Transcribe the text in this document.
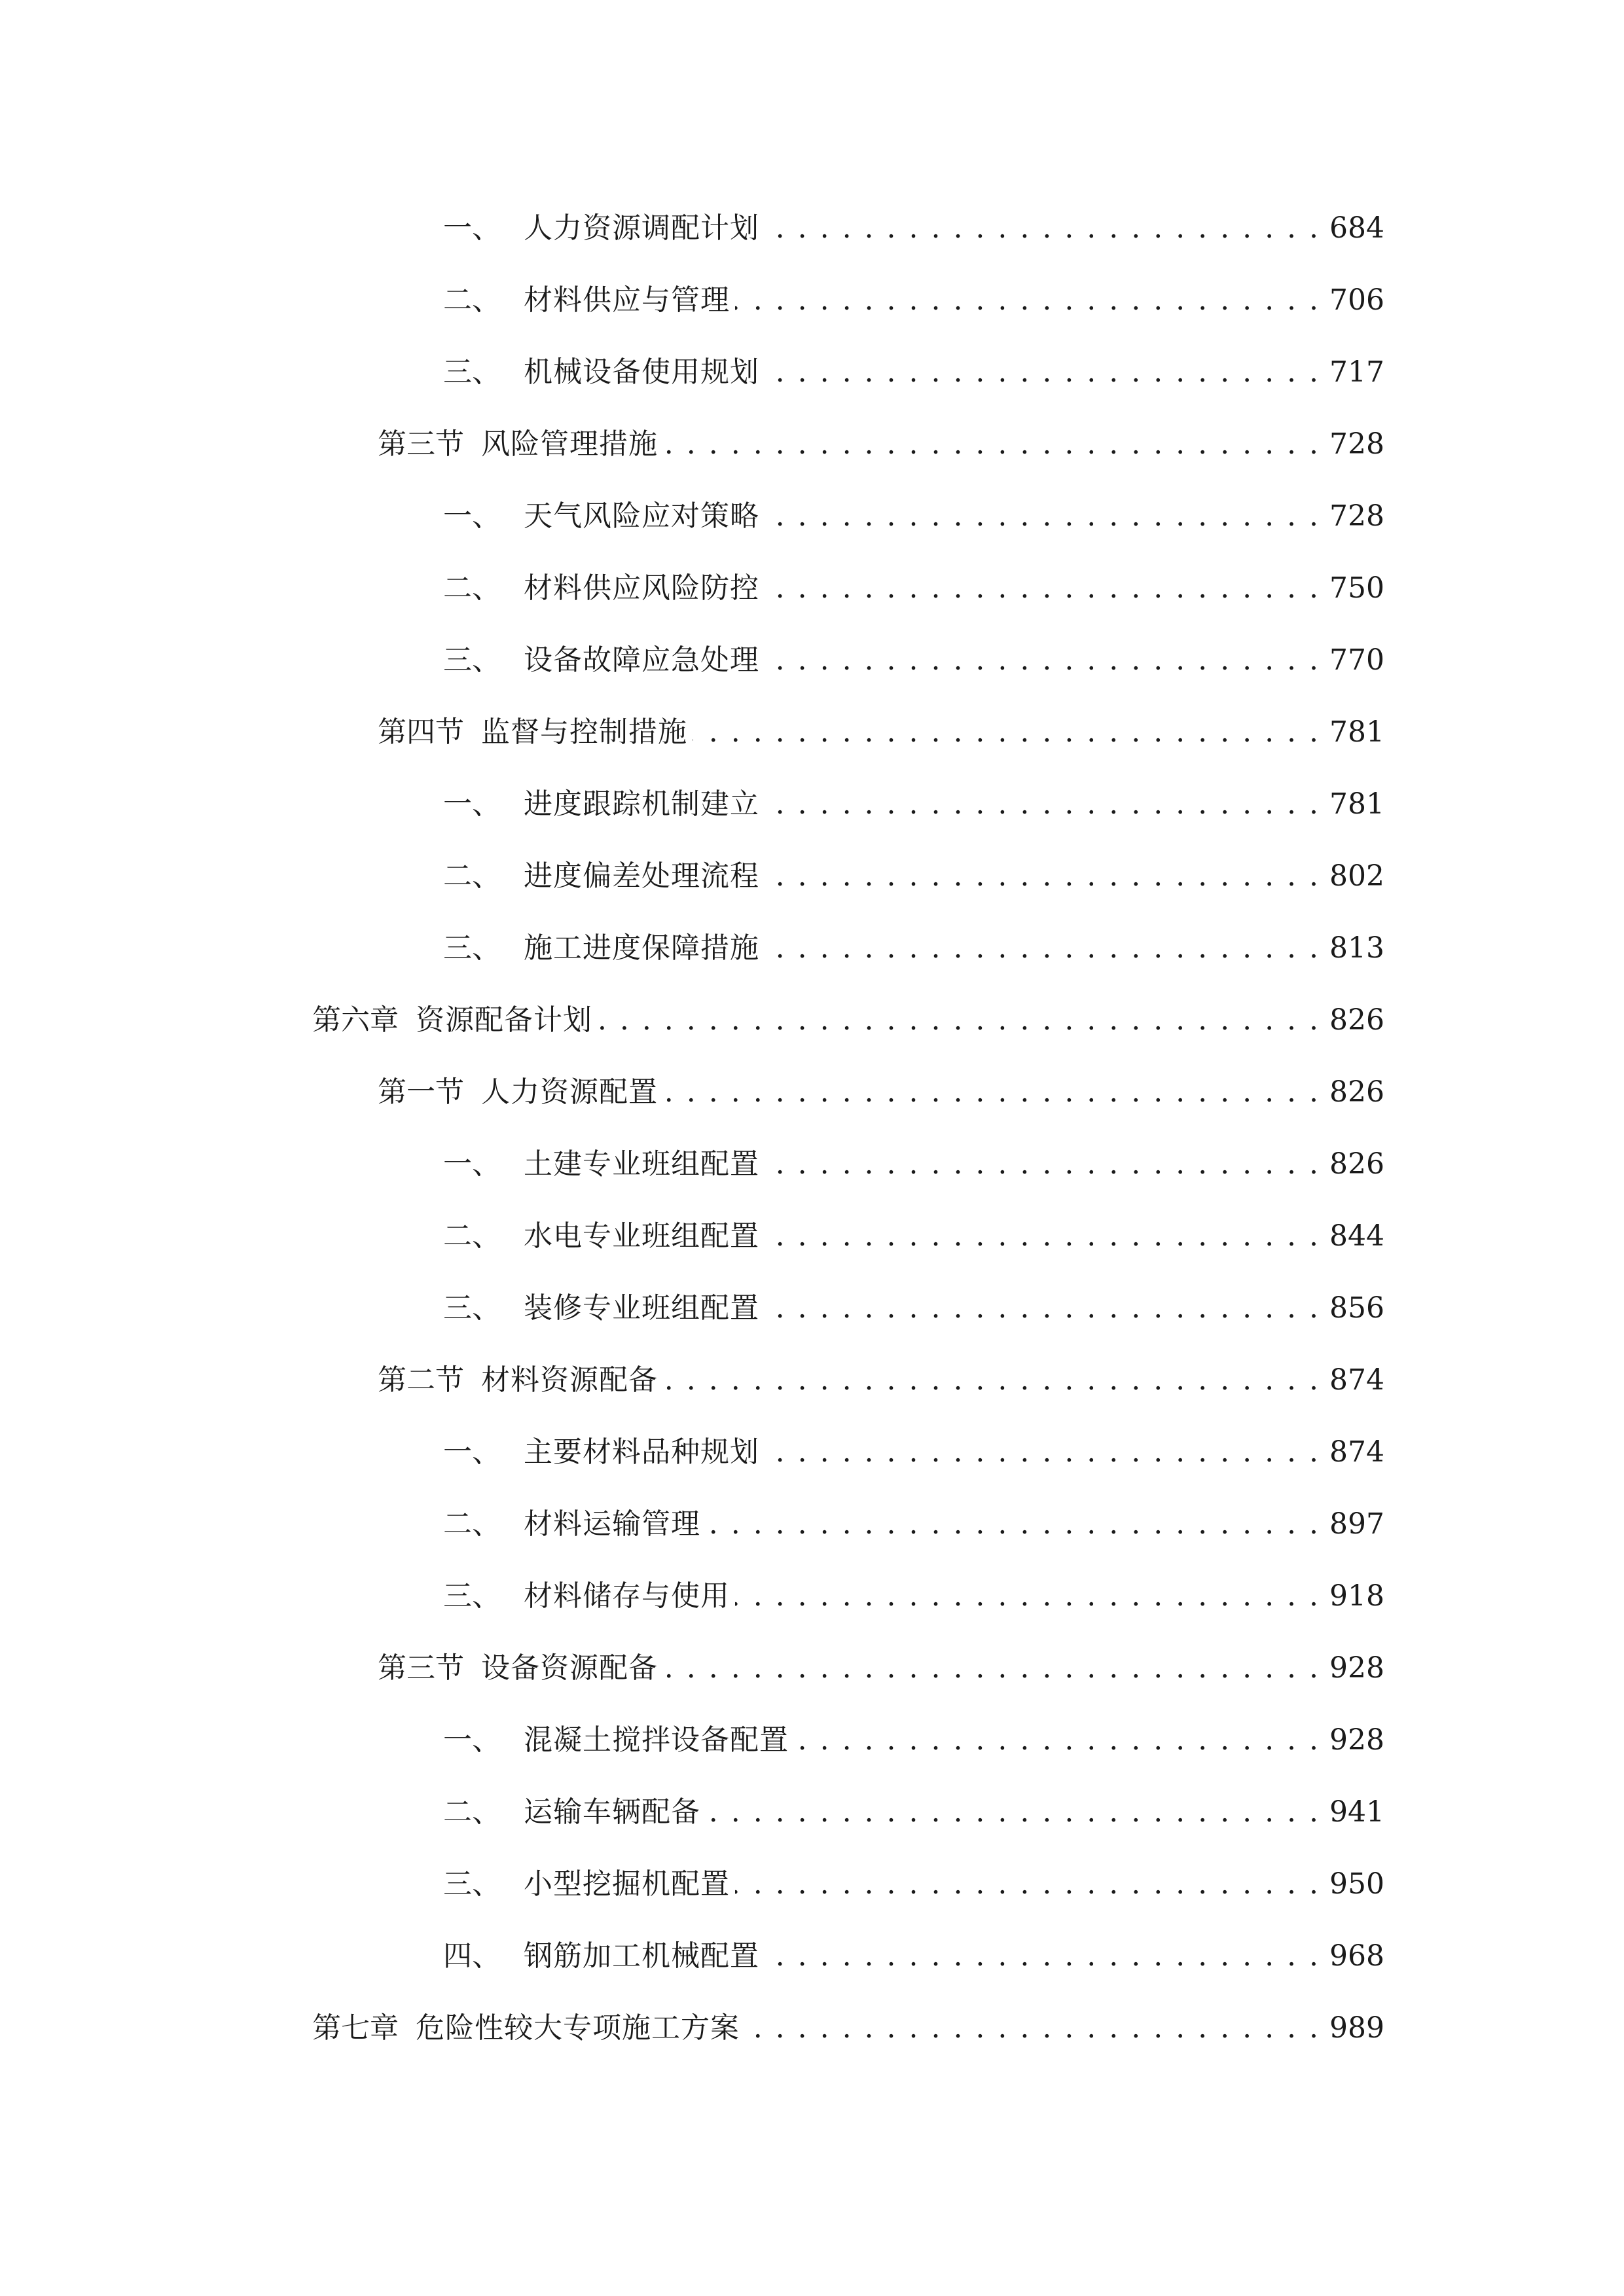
一、 人力资源调配计划 . . .	684
二、 材料供应与管理 . . .	706
三、 机械设备使用规划 . . .	717
第三节 风险管理措施 . . .	728
一、 天气风险应对策略 . . .	728
二、 材料供应风险防控 . . .	750
三、 设备故障应急处理 . . .	770
第四节 监督与控制措施 . . .	781
一、 进度跟踪机制建立 . . .	781
二、 进度偏差处理流程 . . .	802
三、 施工进度保障措施 . . .	813
第六章 资源配备计划 . . .	826
第一节 人力资源配置 . . .	826
一、 土建专业班组配置 . . .	826
二、 水电专业班组配置 . . .	844
三、 装修专业班组配置 . . .	856
第二节 材料资源配备 . . .	874
一、 主要材料品种规划 . . .	874
二、 材料运输管理 . . .	897
三、 材料储存与使用 . . .	918
第三节 设备资源配备 . . .	928
一、 混凝土搅拌设备配置 . . .	928
二、 运输车辆配备 . . .	941
三、 小型挖掘机配置 . . .	950
四、 钢筋加工机械配置 . . .	968
第七章 危险性较大专项施工方案 . . .	989
